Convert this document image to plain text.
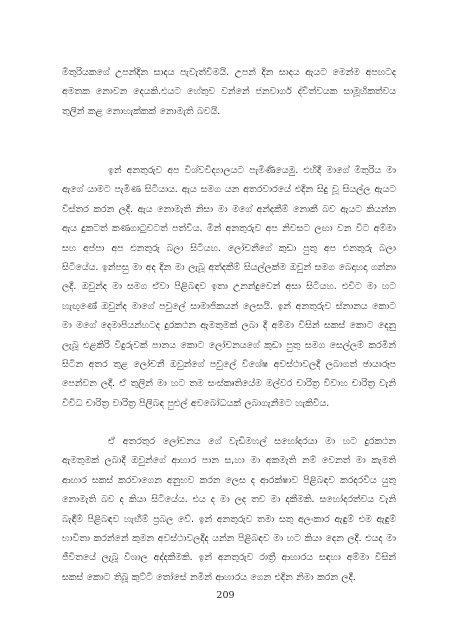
මිතුරියකගේ උපන්දින සාදය පැවැත්විමයි. උපන් දින සාදය ඇයට මෙන්ම අපහටද අමතක නොවන දෙයකි.එයට හේතුව වන්නේ ජනවාර්ග ද්විත්වයක සාමූහිකත්වය තුලින් කළ නොහැක්කක් නොමැති බවයි.

ඉන් අනතුරුව අප විශ්වවිද්‍යාලයට පැමිණියෙමු. එහිදී මාගේ මිතුරිය මා ඇගේ යාමට පැමිණ සිටියාය. ඇය සමග යන අතරවාරයේ එදින සිදු වූ සියල්ල ඇයට විස්තර කරන ලදී. ඇය නොමැති නිසා මා මගේ අන්දකීම් නොකී බව ඇයට කියන්න ඇය දුකටත් කණගාටුවටත් පත්විය. මින් අනතුරුව අප නිවසට ලඟා වන විට අම්මා සහ අප්පා අප එනතුරු බලා සිටියහ. ලෝචනීගේ කුඩා පුතු අප එනතුරු බලා සිටියේය. ඉන්පසු මා අද දින මා ලැබූ අත්දකීම් සියල්ලක්ම ඔවුන් සමග බෙදාහදා ගන්නා ලදී. ඔවුන්ද මා සමග ඒවා පිළිබඳව ඉතා උනන්දුවෙන් අසා සිටියහ. එවිට මා හට හැඟුණේ ඔවුන්ද මාගේ පවුලේ සාමාජිකයන් ලෙසයි. ඉන් අනතුරුව ස්නානය කොට මා මගේ දෙමාපියන්හටද දුරකථන ඇමතුමක් ලබා දී අම්මා විසින් සකස් කොට දෙනු ලැබූ එළකිරි විදුරුවක් පානය කොට ලෝචනයගේ කුඩා පුතු සමග සෙල්ලම් කරමින් සිටින අතර තුළ ලෝචනී ඔවුන්ගේ පවුලේ විශේෂ අවස්ථාවලදී ලබාගත් ඡායාරූප පෙන්වන ලදී. ඒ තුලින් මා හට තම සංස්කෘතියේම මල්වර චාරිත්‍ර විවාහ චාරිත්‍ර වැනි විවිධ චාරිත්‍ර වාරිත්‍ර පිලිබඳ පුළුල් අවබෝධයක් ලබාගැනීමට හැකිවිය.

ඒ අතරතුර ලෝචනය ගේ වැඩිමහල් සහෝදරයා මා හට දුරකථන ඇමතුමක් ලබාදී ඔවුන්ගේ ආහාර පාන ස,හා මා අකමැති නම් වෙනත් මා කැමති ආහාර සකස් කරවාගෙන අනුභව කරන ලෙස ද ආරක්ෂාව පිළිබඳව කරදරවීය යුතු නොමැති බව ද කියා සිටියේය. එය ද මා ලද තව මා දකීමකි. සහෝදරත්වය වැනි බැඳීම් පිළිබඳව හැඟීම් ප්‍රබල වේ. ඉන් අනතුරුව තමා සතු අලංකාර ඇඳුම් එම ඇඳුම් භාවිතා කරන්නේ කුමන අවස්ථාවලදීද යන්න පිළිබඳව මා හට කියා දෙන ලදී. එයද මා ජීවිතයේ ලැබූ විශාල අද්දකීමකි. ඉන් අනතුරුව රාත්‍රී ආහාරය සඳහා අම්මා විසින් සකස් කොට තිබූ කුට්ටි තෝසේ නමින් ආහාරය ගෙන එදින නිමා කරන ලදී.

209
